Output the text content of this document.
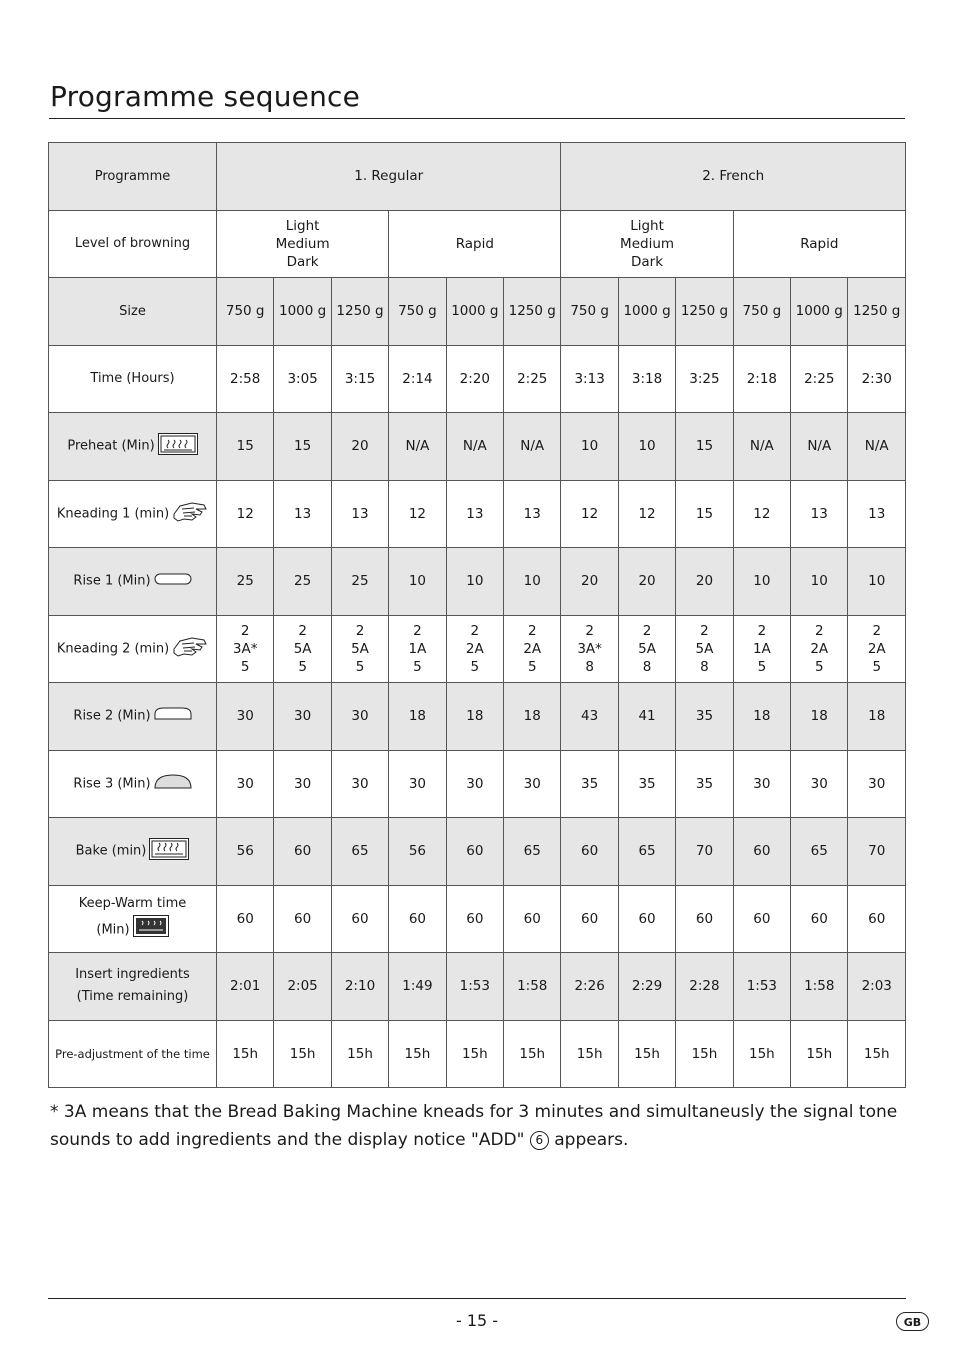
Programme sequence
Programme	1. Regular						2. French					
Level of browning	Light
Medium
Dark			Rapid			Light
Medium
Dark			Rapid		
Size	750 g	1000 g	1250 g	750 g	1000 g	1250 g	750 g	1000 g	1250 g	750 g	1000 g	1250 g
Time (Hours)	2:58	3:05	3:15	2:14	2:20	2:25	3:13	3:18	3:25	2:18	2:25	2:30
Preheat (Min)	15	15	20	N/A	N/A	N/A	10	10	15	N/A	N/A	N/A
Kneading 1 (min)	12	13	13	12	13	13	12	12	15	12	13	13
Rise 1 (Min)	25	25	25	10	10	10	20	20	20	10	10	10
Kneading 2 (min)	2
3A*
5	2
5A
5	2
5A
5	2
1A
5	2
2A
5	2
2A
5	2
3A*
8	2
5A
8	2
5A
8	2
1A
5	2
2A
5	2
2A
5

Rise 2 (Min)	30	30	30	18	18	18	43	41	35	18	18	18
Rise 3 (Min)	30	30	30	30	30	30	35	35	35	30	30	30
Bake (min)	56	60	65	56	60	65	60	65	70	60	65	70

Keep-Warm time
(Min)	60	60	60	60	60	60	60	60	60	60	60	60

Insert ingredients
(Time remaining)	2:01	2:05	2:10	1:49	1:53	1:58	2:26	2:29	2:28	1:53	1:58	2:03
Pre-adjustment of the time	15h	15h	15h	15h	15h	15h	15h	15h	15h	15h	15h	15h

* 3A means that the Bread Baking Machine kneads for 3 minutes and simultaneusly the signal tone sounds to add ingredients and the display notice "ADD" 6 appears.

- 15 -	GB
